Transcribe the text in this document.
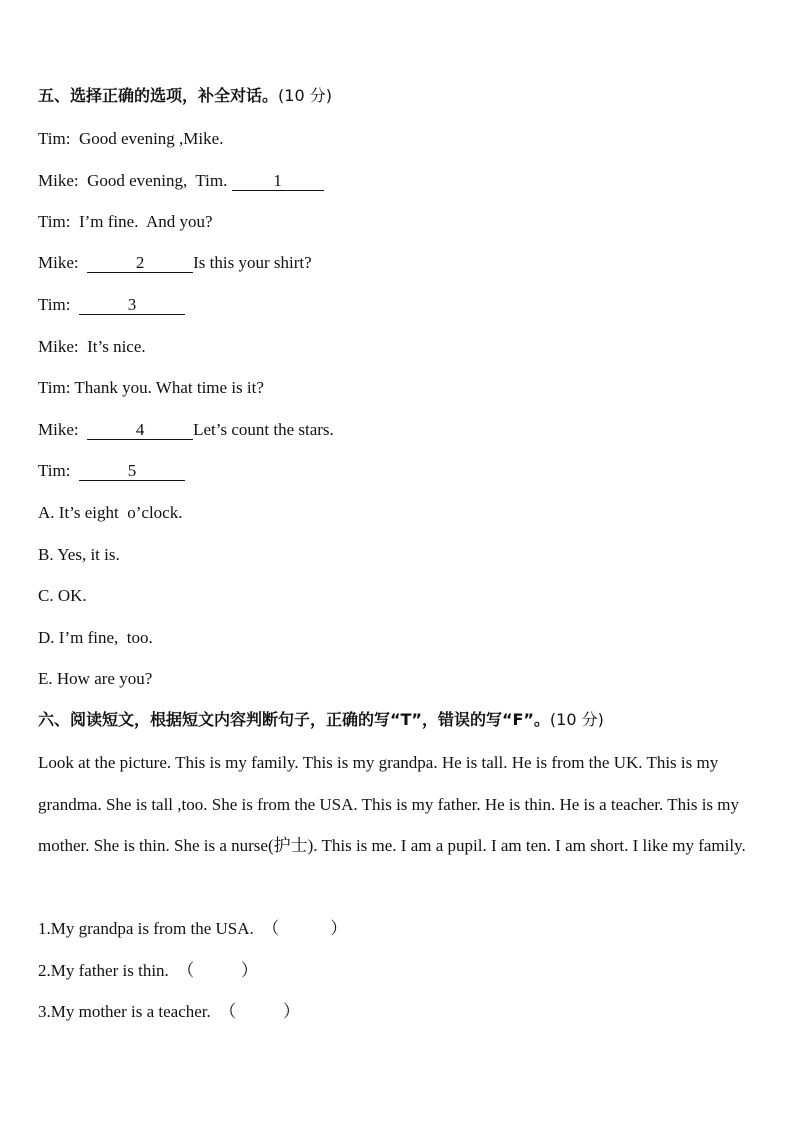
五、选择正确的选项，补全对话。(10 分)
Tim: Good evening ,Mike.
Mike: Good evening,  Tim.	1
Tim: I’m fine.  And you?
Mike:	2	Is this your shirt?
Tim:	3
Mike: It’s nice.
Tim: Thank you. What time is it?
Mike:	4	Let’s count the stars.
Tim:	5
A. It’s eight  o’clock.
B. Yes, it is.
C. OK.
D. I’m fine,  too.
E. How are you?
六、阅读短文，根据短文内容判断句子，正确的写“T”，错误的写“F”。(10 分)
Look at the picture. This is my family. This is my grandpa. He is tall. He is from the UK. This is my grandma. She is tall ,too. She is from the USA. This is my father. He is thin. He is a teacher. This is my mother. She is thin. She is a nurse(护士). This is me. I am a pupil. I am ten. I am short. I like my family.
1.My grandpa is from the USA. （            ）
2.My father is thin. （           ）
3.My mother is a teacher. （           ）
